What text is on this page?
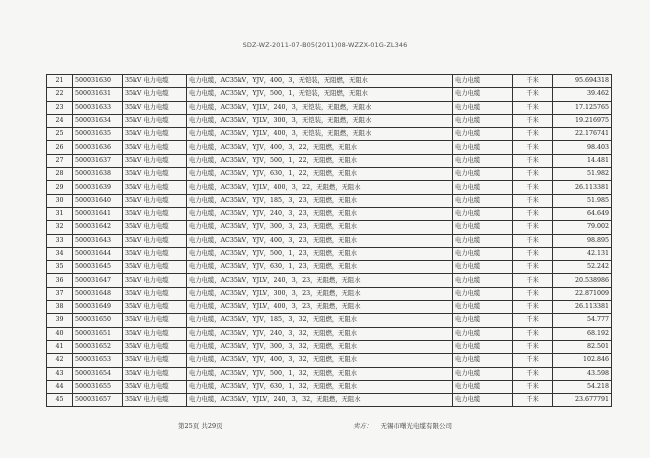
SDZ-WZ-2011-07-B05(2011)08-WZZX-01G-ZL346
21	500031630	35kV 电力电缆	电力电缆，AC35kV，YJV，400，3，无铠装，无阻燃，无阻水	电力电缆	千米	95.694318
22	500031631	35kV 电力电缆	电力电缆，AC35kV，YJV，500，1，无铠装，无阻燃，无阻水	电力电缆	千米	39.462
23	500031633	35kV 电力电缆	电力电缆，AC35kV，YJLV，240，3，无铠装，无阻燃，无阻水	电力电缆	千米	17.125765
24	500031634	35kV 电力电缆	电力电缆，AC35kV，YJLV，300，3，无铠装，无阻燃，无阻水	电力电缆	千米	19.216975
25	500031635	35kV 电力电缆	电力电缆，AC35kV，YJLV，400，3，无铠装，无阻燃，无阻水	电力电缆	千米	22.176741
26	500031636	35kV 电力电缆	电力电缆，AC35kV，YJV，400，3，22，无阻燃，无阻水	电力电缆	千米	98.403
27	500031637	35kV 电力电缆	电力电缆，AC35kV，YJV，500，1，22，无阻燃，无阻水	电力电缆	千米	14.481
28	500031638	35kV 电力电缆	电力电缆，AC35kV，YJV，630，1，22，无阻燃，无阻水	电力电缆	千米	51.982
29	500031639	35kV 电力电缆	电力电缆，AC35kV，YJLV，400，3，22，无阻燃，无阻水	电力电缆	千米	26.113381
30	500031640	35kV 电力电缆	电力电缆，AC35kV，YJV，185，3，23，无阻燃，无阻水	电力电缆	千米	51.985
31	500031641	35kV 电力电缆	电力电缆，AC35kV，YJV，240，3，23，无阻燃，无阻水	电力电缆	千米	64.649
32	500031642	35kV 电力电缆	电力电缆，AC35kV，YJV，300，3，23，无阻燃，无阻水	电力电缆	千米	79.002
33	500031643	35kV 电力电缆	电力电缆，AC35kV，YJV，400，3，23，无阻燃，无阻水	电力电缆	千米	98.895
34	500031644	35kV 电力电缆	电力电缆，AC35kV，YJV，500，1，23，无阻燃，无阻水	电力电缆	千米	42.131
35	500031645	35kV 电力电缆	电力电缆，AC35kV，YJV，630，1，23，无阻燃，无阻水	电力电缆	千米	52.242
36	500031647	35kV 电力电缆	电力电缆，AC35kV，YJLV，240，3，23，无阻燃，无阻水	电力电缆	千米	20.538986
37	500031648	35kV 电力电缆	电力电缆，AC35kV，YJLV，300，3，23，无阻燃，无阻水	电力电缆	千米	22.871009
38	500031649	35kV 电力电缆	电力电缆，AC35kV，YJLV，400，3，23，无阻燃，无阻水	电力电缆	千米	26.113381
39	500031650	35kV 电力电缆	电力电缆，AC35kV，YJV，185，3，32，无阻燃，无阻水	电力电缆	千米	54.777
40	500031651	35kV 电力电缆	电力电缆，AC35kV，YJV，240，3，32，无阻燃，无阻水	电力电缆	千米	68.192
41	500031652	35kV 电力电缆	电力电缆，AC35kV，YJV，300，3，32，无阻燃，无阻水	电力电缆	千米	82.501
42	500031653	35kV 电力电缆	电力电缆，AC35kV，YJV，400，3，32，无阻燃，无阻水	电力电缆	千米	102.846
43	500031654	35kV 电力电缆	电力电缆，AC35kV，YJV，500，1，32，无阻燃，无阻水	电力电缆	千米	43.598
44	500031655	35kV 电力电缆	电力电缆，AC35kV，YJV，630，1，32，无阻燃，无阻水	电力电缆	千米	54.218
45	500031657	35kV 电力电缆	电力电缆，AC35kV，YJLV，240，3，32，无阻燃，无阻水	电力电缆	千米	23.677791
第25页 共29页	卖方： 无锡市曙光电缆有限公司
